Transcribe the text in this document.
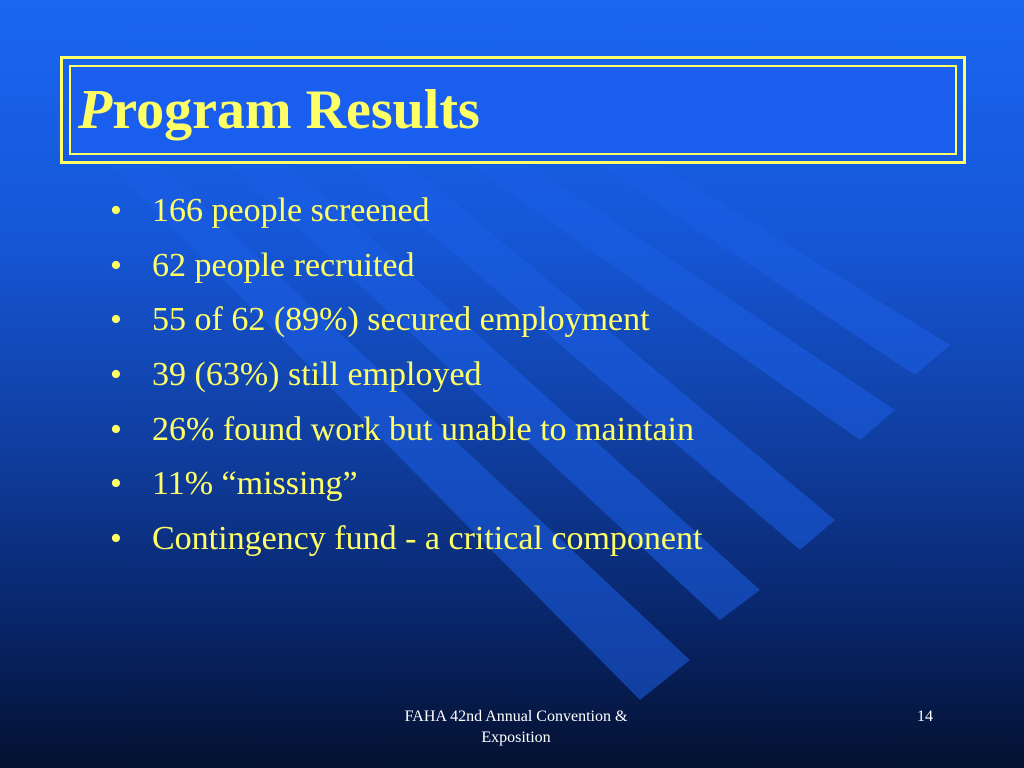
Program Results
• 166 people screened
• 62 people recruited
• 55 of 62 (89%) secured employment
• 39 (63%) still employed
• 26% found work but unable to maintain
• 11% “missing”
• Contingency fund - a critical component
FAHA 42nd Annual Convention &
Exposition
14
